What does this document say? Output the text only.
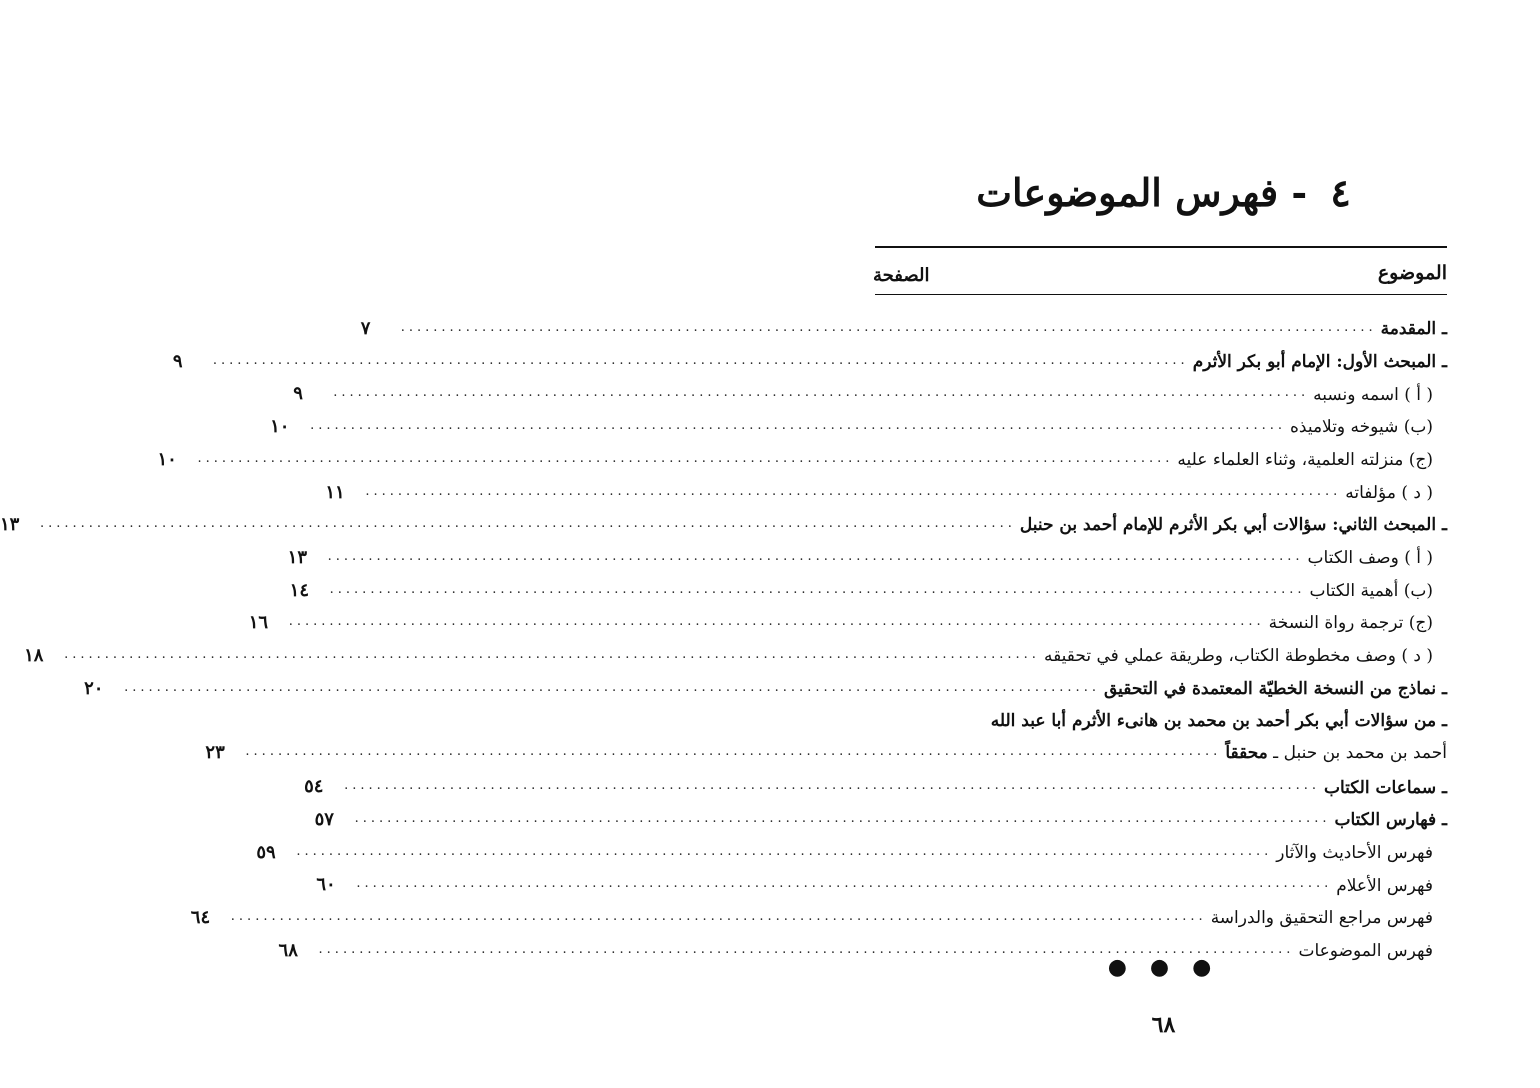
٤ - فهرس الموضوعات
الموضوع
الصفحة
ـ المقدمة
........................................................................................................................
٧
ـ المبحث الأول: الإمام أبو بكر الأثرم
........................................................................................................................
٩
( أ ) اسمه ونسبه
........................................................................................................................
٩
(ب) شيوخه وتلاميذه
........................................................................................................................
١٠
(ج) منزلته العلمية، وثناء العلماء عليه
........................................................................................................................
١٠
( د ) مؤلفاته
........................................................................................................................
١١
ـ المبحث الثاني: سؤالات أبي بكر الأثرم للإمام أحمد بن حنبل
........................................................................................................................
١٣
( أ ) وصف الكتاب
........................................................................................................................
١٣
(ب) أهمية الكتاب
........................................................................................................................
١٤
(ج) ترجمة رواة النسخة
........................................................................................................................
١٦
( د ) وصف مخطوطة الكتاب، وطريقة عملي في تحقيقه
........................................................................................................................
١٨
ـ نماذج من النسخة الخطيّة المعتمدة في التحقيق
........................................................................................................................
٢٠
ـ من سؤالات أبي بكر أحمد بن محمد بن هانىء الأثرم أبا عبد الله
أحمد بن محمد بن حنبل ـ محققاً
........................................................................................................................
٢٣
ـ سماعات الكتاب
........................................................................................................................
٥٤
ـ فهارس الكتاب
........................................................................................................................
٥٧
فهرس الأحاديث والآثار
........................................................................................................................
٥٩
فهرس الأعلام
........................................................................................................................
٦٠
فهرس مراجع التحقيق والدراسة
........................................................................................................................
٦٤
فهرس الموضوعات
........................................................................................................................
٦٨
● ● ●
٦٨
